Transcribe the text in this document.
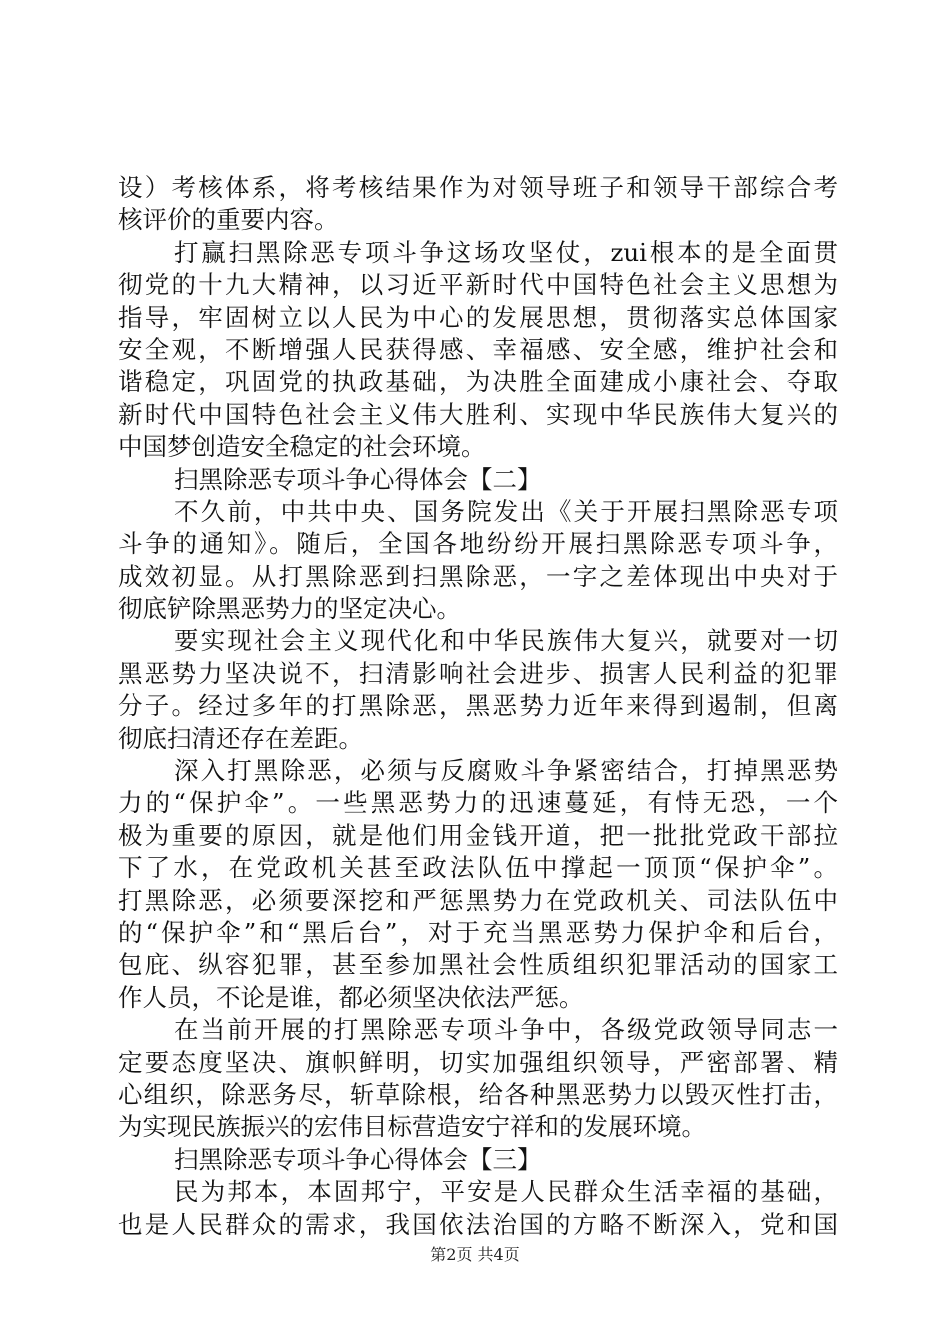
设）考核体系，将考核结果作为对领导班子和领导干部综合考
核评价的重要内容。
打赢扫黑除恶专项斗争这场攻坚仗，zui根本的是全面贯
彻党的十九大精神，以习近平新时代中国特色社会主义思想为
指导，牢固树立以人民为中心的发展思想，贯彻落实总体国家
安全观，不断增强人民获得感、幸福感、安全感，维护社会和
谐稳定，巩固党的执政基础，为决胜全面建成小康社会、夺取
新时代中国特色社会主义伟大胜利、实现中华民族伟大复兴的
中国梦创造安全稳定的社会环境。
扫黑除恶专项斗争心得体会【二】
不久前，中共中央、国务院发出《关于开展扫黑除恶专项
斗争的通知》。随后，全国各地纷纷开展扫黑除恶专项斗争，
成效初显。从打黑除恶到扫黑除恶，一字之差体现出中央对于
彻底铲除黑恶势力的坚定决心。
要实现社会主义现代化和中华民族伟大复兴，就要对一切
黑恶势力坚决说不，扫清影响社会进步、损害人民利益的犯罪
分子。经过多年的打黑除恶，黑恶势力近年来得到遏制，但离
彻底扫清还存在差距。
深入打黑除恶，必须与反腐败斗争紧密结合，打掉黑恶势
力的“保护伞”。一些黑恶势力的迅速蔓延，有恃无恐，一个
极为重要的原因，就是他们用金钱开道，把一批批党政干部拉
下了水，在党政机关甚至政法队伍中撑起一顶顶“保护伞”。
打黑除恶，必须要深挖和严惩黑势力在党政机关、司法队伍中
的“保护伞”和“黑后台”，对于充当黑恶势力保护伞和后台，
包庇、纵容犯罪，甚至参加黑社会性质组织犯罪活动的国家工
作人员，不论是谁，都必须坚决依法严惩。
在当前开展的打黑除恶专项斗争中，各级党政领导同志一
定要态度坚决、旗帜鲜明，切实加强组织领导，严密部署、精
心组织，除恶务尽，斩草除根，给各种黑恶势力以毁灭性打击，
为实现民族振兴的宏伟目标营造安宁祥和的发展环境。
扫黑除恶专项斗争心得体会【三】
民为邦本，本固邦宁，平安是人民群众生活幸福的基础，
也是人民群众的需求，我国依法治国的方略不断深入，党和国
第2页 共4页
